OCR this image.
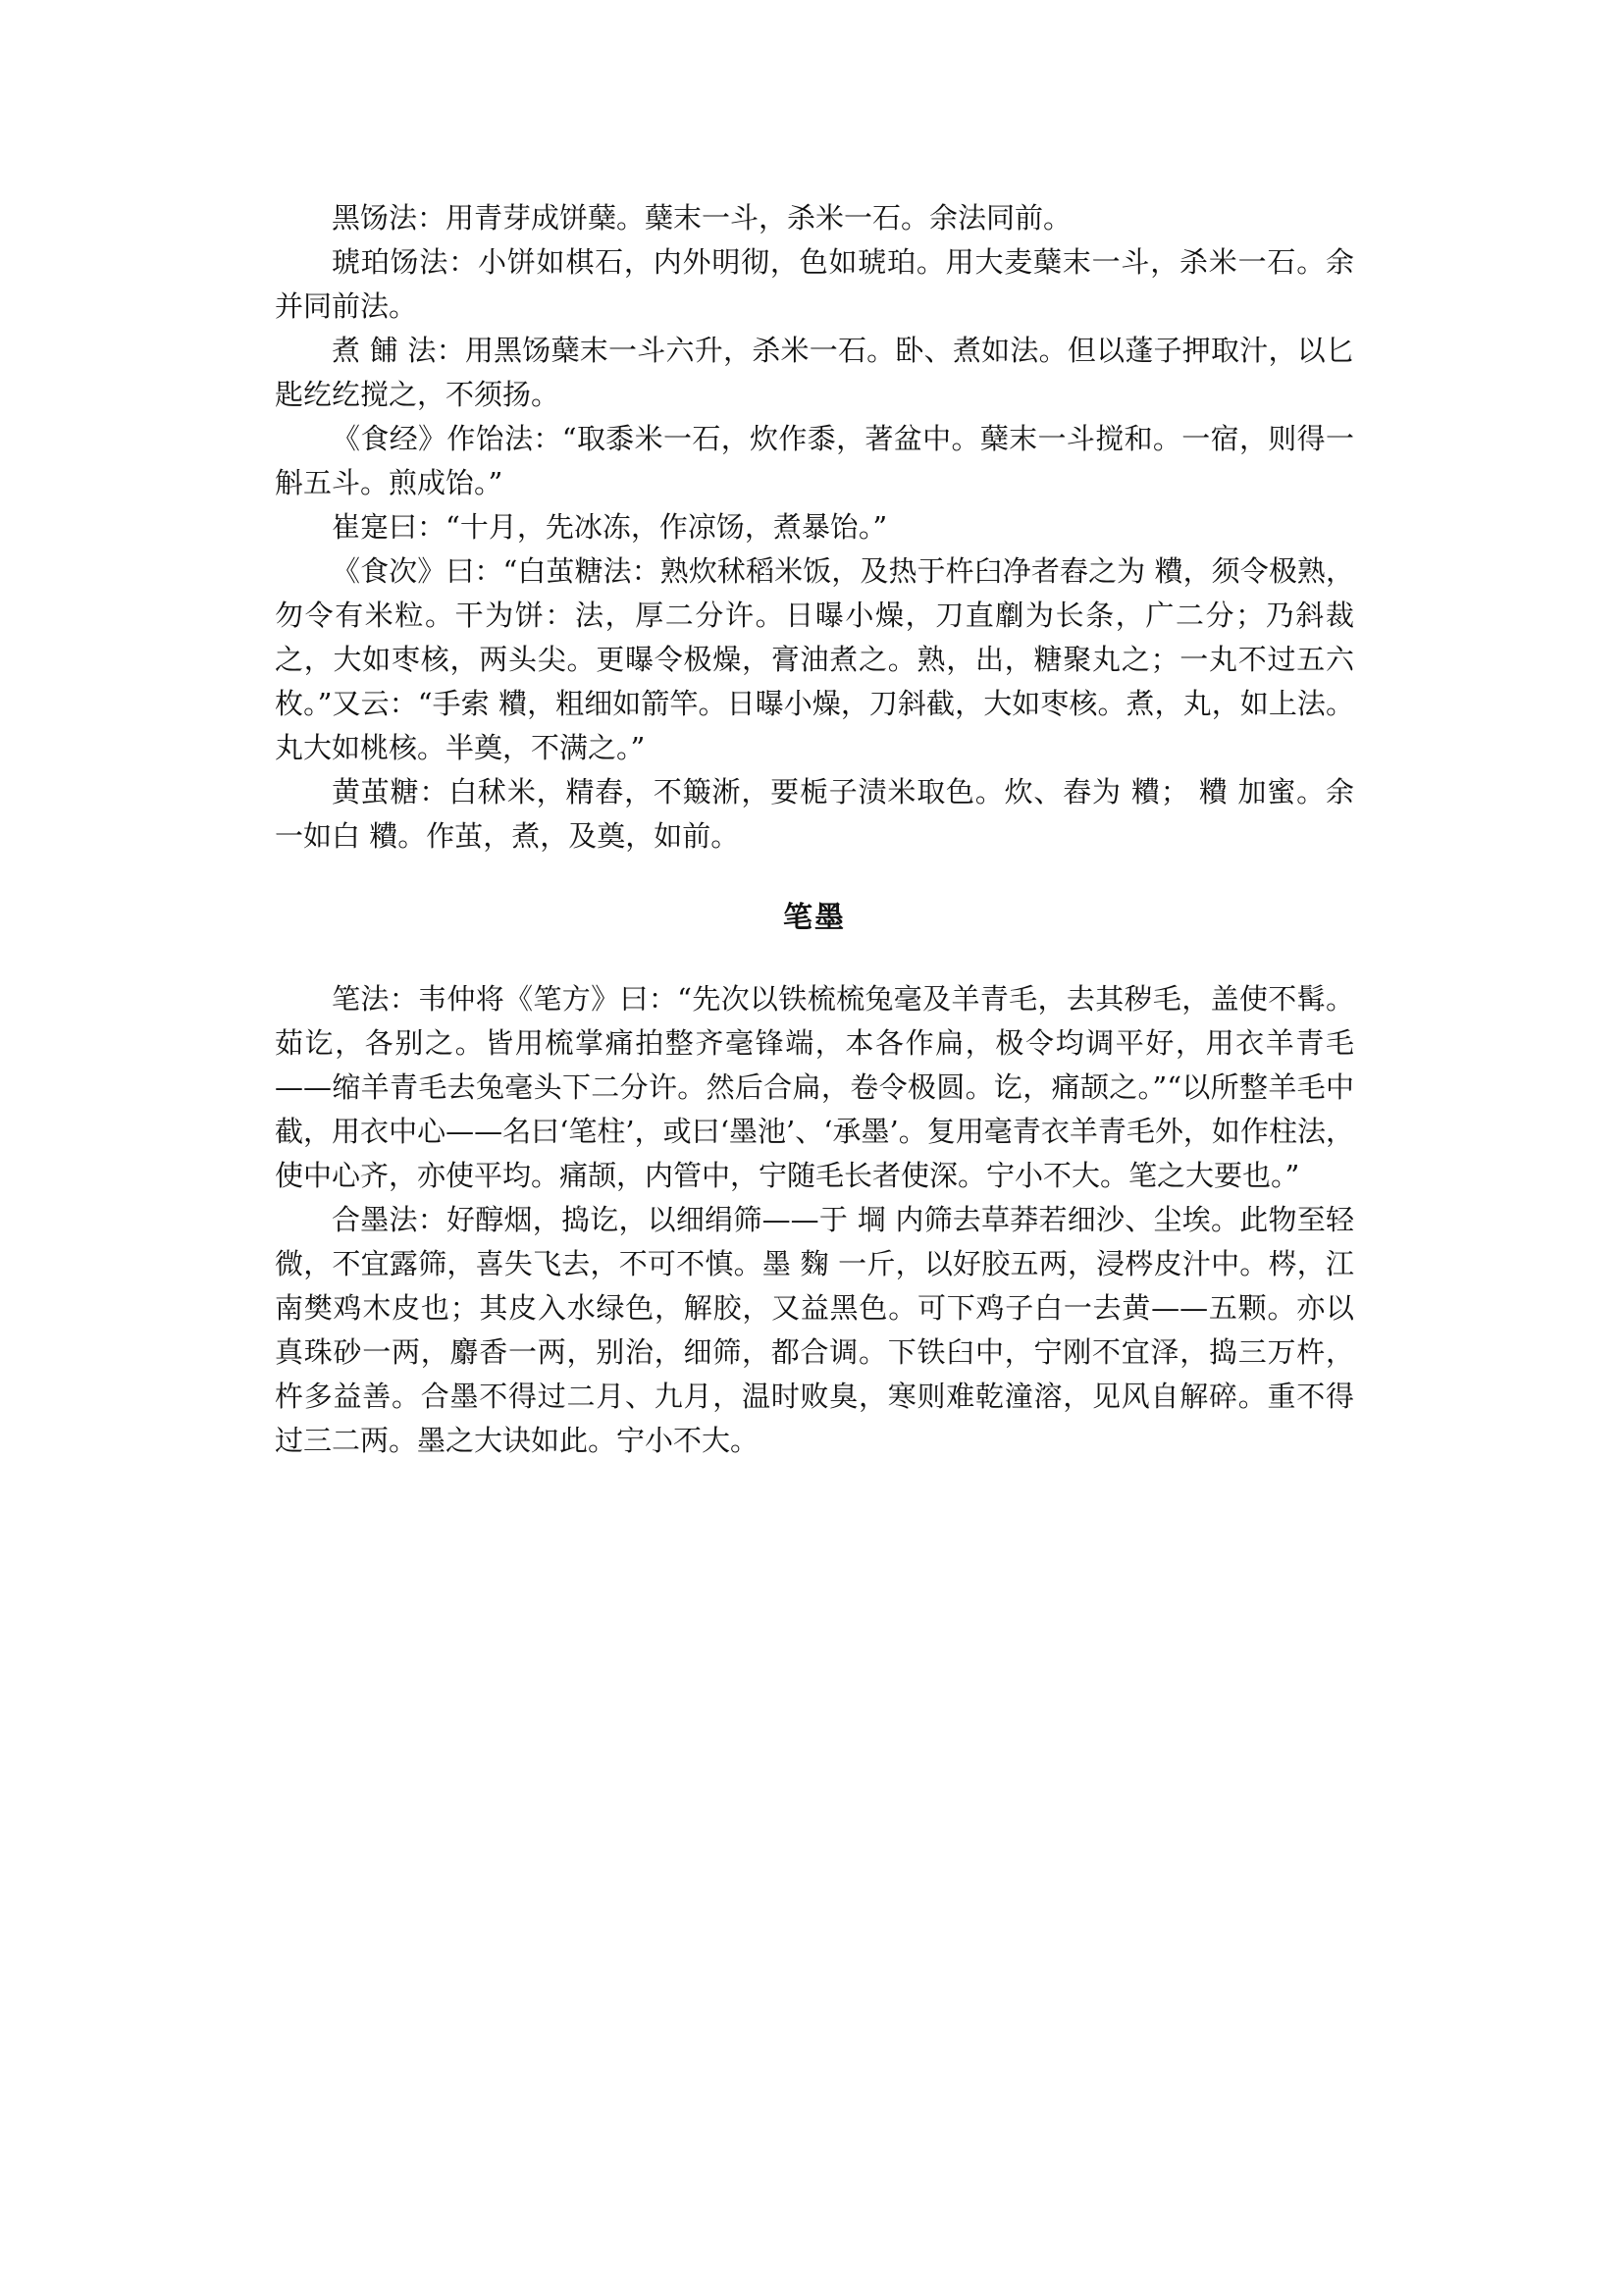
黑饧法：用青芽成饼蘖。蘖末一斗，杀米一石。余法同前。

琥珀饧法：小饼如棋石，内外明彻，色如琥珀。用大麦蘖末一斗，杀米一石。余并同前法。

煮 餔 法：用黑饧蘖末一斗六升，杀米一石。卧、煮如法。但以蓬子押取汁，以匕匙纥纥搅之，不须扬。

《食经》作饴法：“取黍米一石，炊作黍，著盆中。蘖末一斗搅和。一宿，则得一斛五斗。煎成饴。”

崔寔曰：“十月，先冰冻，作凉饧，煮暴饴。”

《食次》曰：“白茧糖法：熟炊秫稻米饭，及热于杵臼净者舂之为 䊧，须令极熟，勿令有米粒。干为饼：法，厚二分许。日曝小燥，刀直劘为长条，广二分；乃斜裁之，大如枣核，两头尖。更曝令极燥，膏油煮之。熟，出，糖聚丸之；一丸不过五六枚。”又云：“手索 䊧，粗细如箭竿。日曝小燥，刀斜截，大如枣核。煮，丸，如上法。丸大如桃核。半奠，不满之。”

黄茧糖：白秫米，精舂，不簸淅，要栀子渍米取色。炊、舂为 䊧； 䊧 加蜜。余一如白 䊧。作茧，煮，及奠，如前。

笔墨

笔法：韦仲将《笔方》曰：“先次以铁梳梳兔毫及羊青毛，去其秽毛，盖使不髯。茹讫，各别之。皆用梳掌痛拍整齐毫锋端，本各作扁，极令均调平好，用衣羊青毛——缩羊青毛去兔毫头下二分许。然后合扁，卷令极圆。讫，痛颉之。”“以所整羊毛中截，用衣中心——名曰‘笔柱’，或曰‘墨池’、‘承墨’。复用毫青衣羊青毛外，如作柱法，使中心齐，亦使平均。痛颉，内管中，宁随毛长者使深。宁小不大。笔之大要也。”

合墨法：好醇烟，捣讫，以细绢筛——于 堈 内筛去草莽若细沙、尘埃。此物至轻微，不宜露筛，喜失飞去，不可不慎。墨 麴 一斤，以好胶五两，浸梣皮汁中。梣，江南樊鸡木皮也；其皮入水绿色，解胶，又益黑色。可下鸡子白一去黄——五颗。亦以真珠砂一两，麝香一两，别治，细筛，都合调。下铁臼中，宁刚不宜泽，捣三万杵，杵多益善。合墨不得过二月、九月，温时败臭，寒则难乾潼溶，见风自解碎。重不得过三二两。墨之大诀如此。宁小不大。
